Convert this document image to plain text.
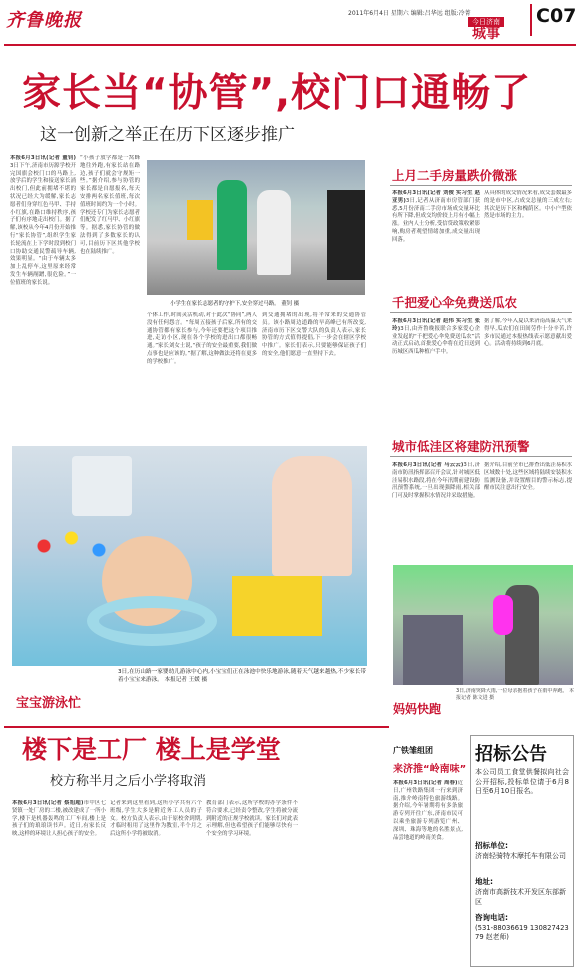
齐鲁晚报	2011年6月4日 星期六 编辑:吕华远 组版:冷菁
今日济南
城事
C07
家长当“协管”,校门口通畅了
这一创新之举正在历下区逐步推广
本报6月3日讯(记者 董钊)3日下午,济南市历源学校开完国旗会校门口的马路上,放学后的学生和接送家长涌出校门,但此前拥堵不堪的状况已经大为缓解,家长志愿者们身穿红色马甲、手持小红旗,在路口维持秩序,孩子们有序地走出校门。据了解,该校从今年4月份开始推行“家长协管”,组织学生家长轮流在上下学时段到校门口协助交通民警疏导车辆,效果明显。“由于车辆太多加上乱停车,这里原来经常发生车辆剐蹭,很危险。”一位值班的家长说。
“小孩子放学都是一窝蜂地往外跑,有家长站在路边,孩子们就会守规矩一些。”据介绍,参与协管的家长都是自愿报名,每天安排两名家长值班,每次值班时间约为一个小时。学校还专门为家长志愿者们配发了红马甲、小红旗等。据悉,家长协管的做法得到了多数家长的认可,目前历下区其他学校也在陆续推广。
小学生在家长志愿者的守护下,安全穿过马路。 董钊 摄
个体工作,时间灵活机动,对于此次“协同”,两人没有任何怨言。“每周五接孩子后家,所有的交通协管都有家长参与,今年还要把这个项目推进,走访小区,现在各个学校的进出口都很畅通。”家长刘女士说,“孩子的安全最重要,我们做点事也是应该的。”据了解,这种做法还将在更多的学校推广。
到交通拥堵的出现,将平常来的交通协管员。该小路周边道路的早高峰已有所改变,济南市历下区交警大队的负责人表示,家长协管的方式值得提倡,下一步会在辖区学校中推广。家长们表示,只要能够保证孩子们的安全,他们愿意一直坚持下去。
上月二手房量跌价微涨
本报6月3日讯(记者 刘俊 实习生 赵亚男)3日,记者从济南市房管部门获悉,5月份济南二手房市场成交量环比有所下降,但成交均价较上月有小幅上涨。业内人士分析,受信贷政策收紧影响,购房者观望情绪加重,成交量出现回落。
从具体的成交情况来看,成交套数最多的是市中区,占成交总量的三成左右;其次是历下区和槐荫区。中小户型依然是市场的主力。
千把爱心伞免费送瓜农
本报6月3日讯(记者 赵伟 实习生 张玲)3日,由齐鲁晚报联合多家爱心企业发起的“千把爱心伞免费送瓜农”活动正式启动,首批爱心伞将在近日送到历城区西瓜种植户手中。
据了解,今年入夏以来济南高温天气来得早,瓜农们在田间劳作十分辛苦,许多市民通过本报热线表示愿意献出爱心。活动将持续到6月底。
城市低洼区将建防汛预警
本报6月3日讯(记者 马云云)3日,济南市防汛指挥部召开会议,针对城区低洼易积水路段,将在今年汛期前建设防汛预警系统,一旦出现强降雨,相关部门可及时掌握积水情况并采取措施。
据介绍,目前全市已排查出低洼易积水区域数十处,这些区域将陆续安装积水监测设备,并设置醒目的警示标志,提醒市民注意出行安全。
妈妈快跑
3日,济南突降大雨,一位母亲抱着孩子在雨中奔跑。 本报记者 陈文进 摄
宝宝游泳忙
3日,在历山路一家婴幼儿游泳中心内,小宝宝们正在泳池中快乐地游泳,随着天气越来越热,不少家长带着小宝宝来游泳。 本报记者 王媛 摄
楼下是工厂 楼上是学堂
校方称半月之后小学将取消
本报6月3日讯(记者 蔡旭超)市中区七贤镇一处厂房的二楼,被改建成了一所小学,楼下是机器轰鸣的工厂车间,楼上是孩子们的琅琅读书声。近日,有家长反映,这样的环境让人担心孩子的安全。
记者来到这里看到,这所小学共有六个班级,学生大多是附近务工人员的子女。校方负责人表示,由于原校舍到期,才临时租用了这里作为教室,半个月之后这所小学将被取消。
教育部门表示,这所学校的办学条件不符合要求,已经责令整改,学生将被分流到附近的正规学校就读。家长们对此表示理解,但也希望孩子们能够尽快有一个安全的学习环境。
广铁雏组团
来济推“岭南味”
本报6月3日讯(记者 周春)近日,广州铁路集团一行来到济南,推介岭南特色旅游线路。据介绍,今年暑期将有多条旅游专列开往广东,济南市民可以乘坐旅游专列游览广州、深圳、珠海等地的名胜景点,品尝地道的岭南美食。
招标公告
本公司员工食堂供餐拟向社会公开招标,投标单位请于6月8日至6月10日报名。
招标单位:
济南轻骑特木摩托车有限公司
地址:
济南市高新技术开发区东部新区
咨询电话:
(531-88036619 13082742379 赵老师)
